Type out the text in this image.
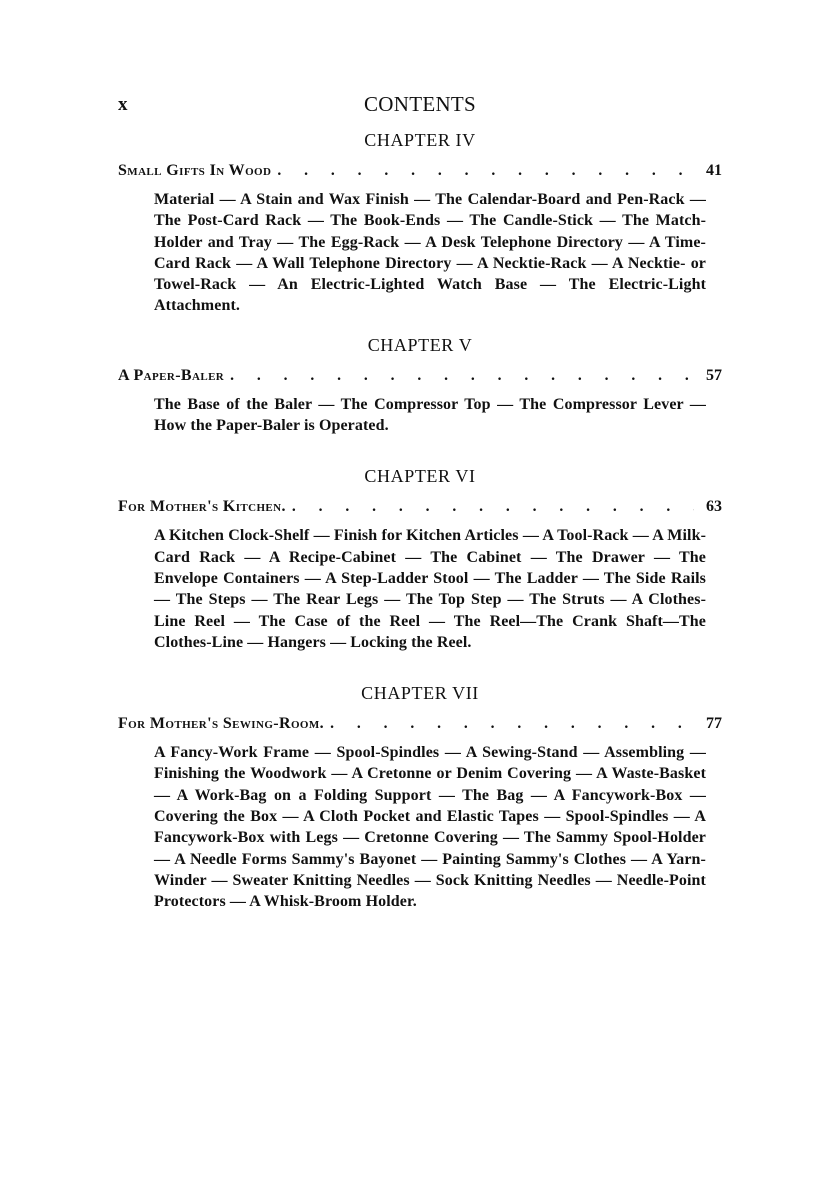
x	CONTENTS
CHAPTER IV
Small Gifts In Wood . . .	41

Material — A Stain and Wax Finish — The Calendar-Board and Pen-Rack — The Post-Card Rack — The Book-Ends — The Candle-Stick — The Match-Holder and Tray — The Egg-Rack — A Desk Telephone Directory — A Time-Card Rack — A Wall Telephone Directory — A Necktie-Rack — A Necktie- or Towel-Rack — An Electric-Lighted Watch Base — The Electric-Light Attachment.

CHAPTER V
A Paper-Baler . . .	57

The Base of the Baler — The Compressor Top — The Compressor Lever — How the Paper-Baler is Operated.

CHAPTER VI
For Mother's Kitchen. . . .	63

A Kitchen Clock-Shelf — Finish for Kitchen Articles — A Tool-Rack — A Milk-Card Rack — A Recipe-Cabinet — The Cabinet — The Drawer — The Envelope Containers — A Step-Ladder Stool — The Ladder — The Side Rails — The Steps — The Rear Legs — The Top Step — The Struts — A Clothes-Line Reel — The Case of the Reel — The Reel—The Crank Shaft—The Clothes-Line — Hangers — Locking the Reel.

CHAPTER VII
For Mother's Sewing-Room. . . .	77

A Fancy-Work Frame — Spool-Spindles — A Sewing-Stand — Assembling — Finishing the Woodwork — A Cretonne or Denim Covering — A Waste-Basket — A Work-Bag on a Folding Support — The Bag — A Fancywork-Box — Covering the Box — A Cloth Pocket and Elastic Tapes — Spool-Spindles — A Fancywork-Box with Legs — Cretonne Covering — The Sammy Spool-Holder — A Needle Forms Sammy's Bayonet — Painting Sammy's Clothes — A Yarn-Winder — Sweater Knitting Needles — Sock Knitting Needles — Needle-Point Protectors — A Whisk-Broom Holder.
